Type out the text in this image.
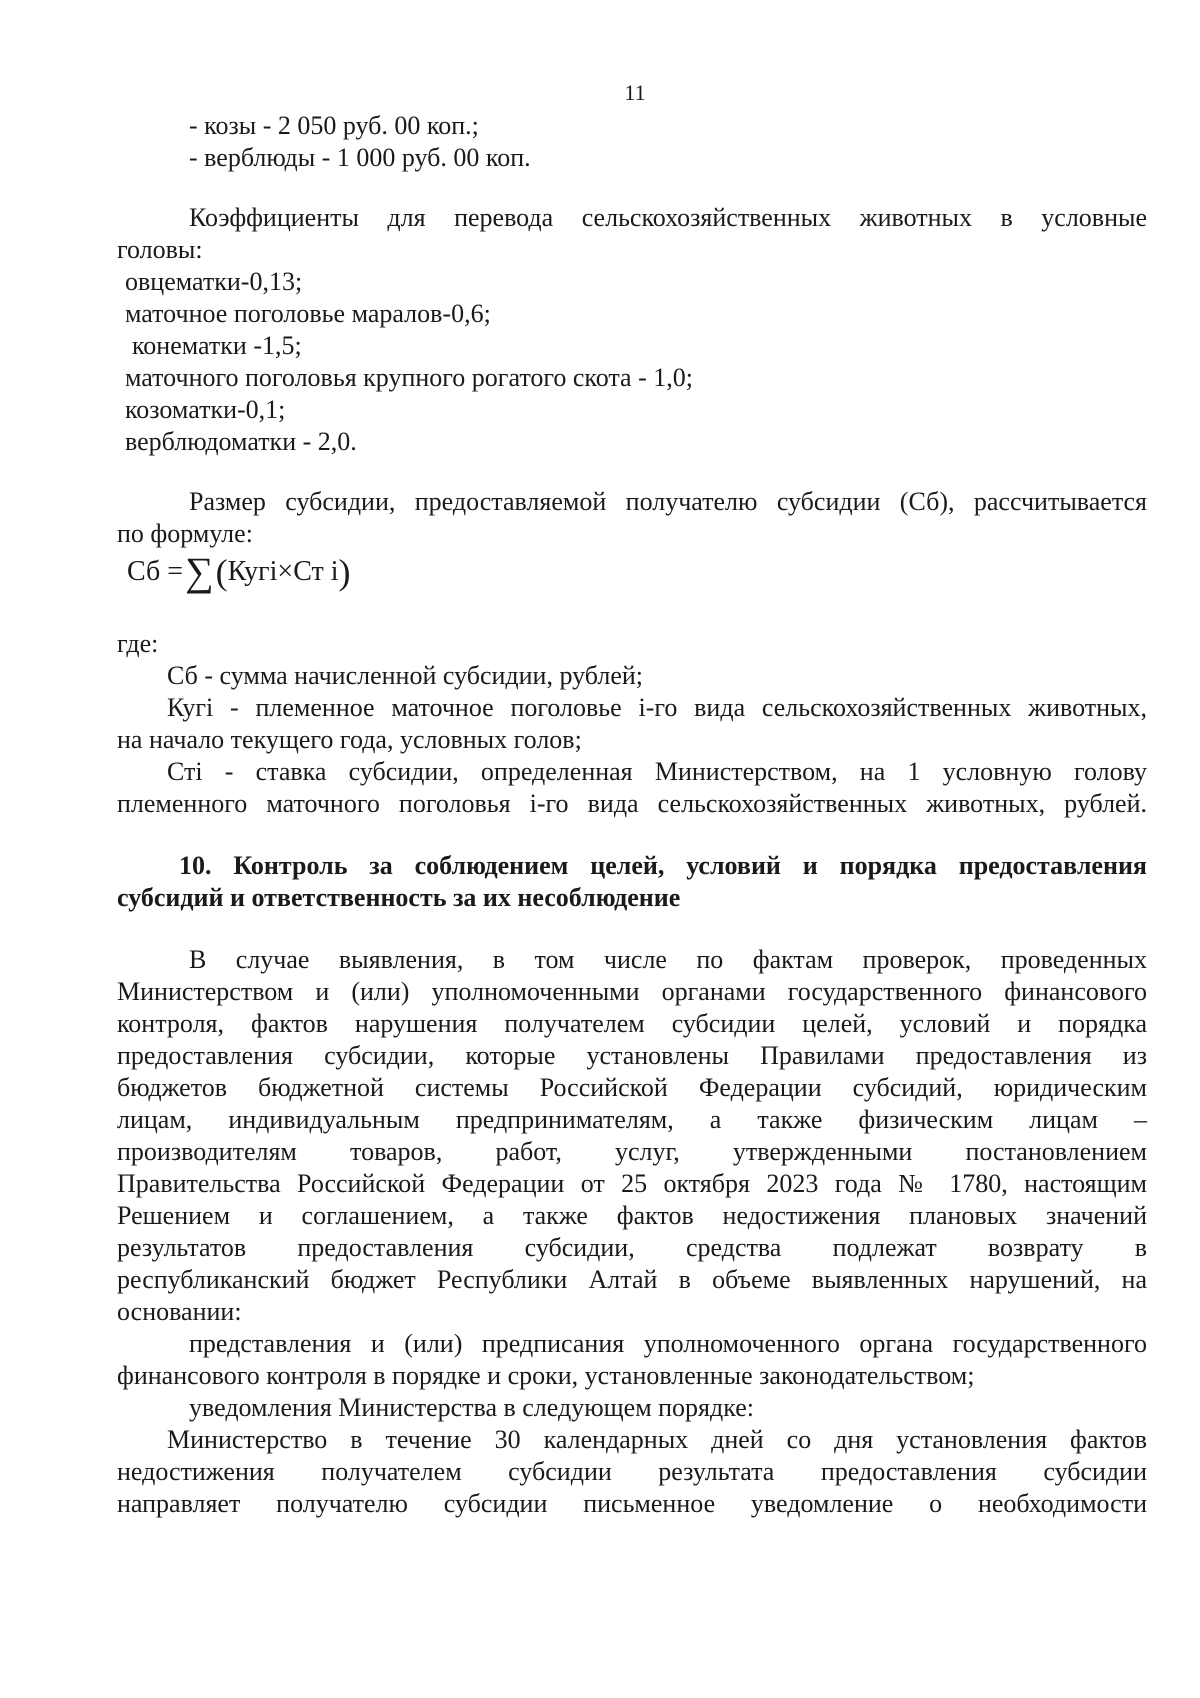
11
- козы - 2 050 руб. 00 коп.;
- верблюды - 1 000 руб. 00 коп.
Коэффициенты для перевода сельскохозяйственных животных в условные
головы:
овцематки-0,13;
маточное поголовье маралов-0,6;
конематки -1,5;
маточного поголовья крупного рогатого скота - 1,0;
козоматки-0,1;
верблюдоматки - 2,0.
Размер субсидии, предоставляемой получателю субсидии (Сб), рассчитывается
по формуле:
Сб = ∑ ( Кугi×Ст i )
где:
Сб - сумма начисленной субсидии, рублей;
Кугi - племенное маточное поголовье i-го вида сельскохозяйственных животных,
на начало текущего года, условных голов;
Стi - ставка субсидии, определенная Министерством, на 1 условную голову
племенного маточного поголовья i-го вида сельскохозяйственных животных, рублей.
10. Контроль за соблюдением целей, условий и порядка предоставления
субсидий и ответственность за их несоблюдение
В случае выявления, в том числе по фактам проверок, проведенных
Министерством и (или) уполномоченными органами государственного финансового
контроля, фактов нарушения получателем субсидии целей, условий и порядка
предоставления субсидии, которые установлены Правилами предоставления из
бюджетов бюджетной системы Российской Федерации субсидий, юридическим
лицам, индивидуальным предпринимателям, а также физическим лицам –
производителям товаров, работ, услуг, утвержденными постановлением
Правительства Российской Федерации от 25 октября 2023 года № 1780, настоящим
Решением и соглашением, а также фактов недостижения плановых значений
результатов предоставления субсидии, средства подлежат возврату в
республиканский бюджет Республики Алтай в объеме выявленных нарушений, на
основании:
представления и (или) предписания уполномоченного органа государственного
финансового контроля в порядке и сроки, установленные законодательством;
уведомления Министерства в следующем порядке:
Министерство в течение 30 календарных дней со дня установления фактов
недостижения получателем субсидии результата предоставления субсидии
направляет получателю субсидии письменное уведомление о необходимости
